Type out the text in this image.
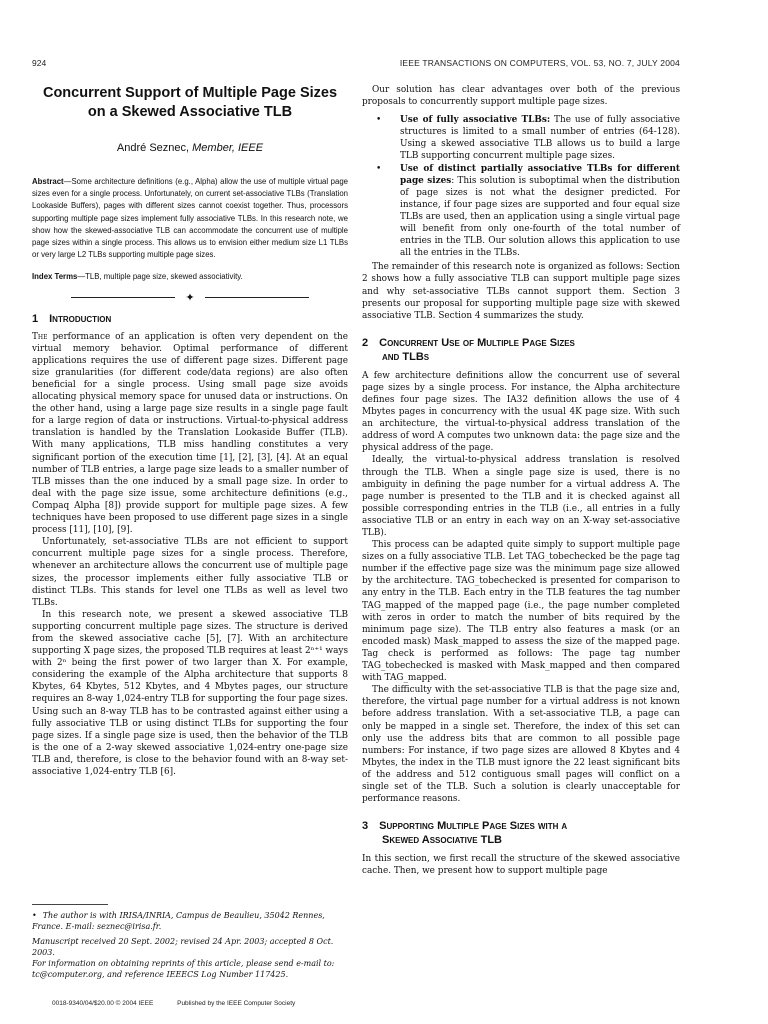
924	IEEE TRANSACTIONS ON COMPUTERS, VOL. 53, NO. 7, JULY 2004
Concurrent Support of Multiple Page Sizes
on a Skewed Associative TLB
André Seznec, Member, IEEE

Abstract—Some architecture definitions (e.g., Alpha) allow the use of multiple virtual page sizes even for a single process. Unfortunately, on current set-associative TLBs (Translation Lookaside Buffers), pages with different sizes cannot coexist together. Thus, processors supporting multiple page sizes implement fully associative TLBs. In this research note, we show how the skewed-associative TLB can accommodate the concurrent use of multiple page sizes within a single process. This allows us to envision either medium size L1 TLBs or very large L2 TLBs supporting multiple page sizes.

Index Terms—TLB, multiple page size, skewed associativity.

✦
1 Introduction

The performance of an application is often very dependent on the virtual memory behavior. Optimal performance of different applications requires the use of different page sizes. Different page size granularities (for different code/data regions) are also often beneficial for a single process. Using small page size avoids allocating physical memory space for unused data or instructions. On the other hand, using a large page size results in a single page fault for a large region of data or instructions. Virtual-to-physical address translation is handled by the Translation Lookaside Buffer (TLB). With many applications, TLB miss handling constitutes a very significant portion of the execution time [1], [2], [3], [4]. At an equal number of TLB entries, a large page size leads to a smaller number of TLB misses than the one induced by a small page size. In order to deal with the page size issue, some architecture definitions (e.g., Compaq Alpha [8]) provide support for multiple page sizes. A few techniques have been proposed to use different page sizes in a single process [11], [10], [9].

Unfortunately, set-associative TLBs are not efficient to support concurrent multiple page sizes for a single process. Therefore, whenever an architecture allows the concurrent use of multiple page sizes, the processor implements either fully associative TLB or distinct TLBs. This stands for level one TLBs as well as level two TLBs.

In this research note, we present a skewed associative TLB supporting concurrent multiple page sizes. The structure is derived from the skewed associative cache [5], [7]. With an architecture supporting X page sizes, the proposed TLB requires at least 2ⁿ⁺¹ ways with 2ⁿ being the first power of two larger than X. For example, considering the example of the Alpha architecture that supports 8 Kbytes, 64 Kbytes, 512 Kbytes, and 4 Mbytes pages, our structure requires an 8-way 1,024-entry TLB for supporting the four page sizes. Using such an 8-way TLB has to be contrasted against either using a fully associative TLB or using distinct TLBs for supporting the four page sizes. If a single page size is used, then the behavior of the TLB is the one of a 2-way skewed associative 1,024-entry one-page size TLB and, therefore, is close to the behavior found with an 8-way set-associative 1,024-entry TLB [6].

• The author is with IRISA/INRIA, Campus de Beaulieu, 35042 Rennes, France. E-mail: seznec@irisa.fr.

Manuscript received 20 Sept. 2002; revised 24 Apr. 2003; accepted 8 Oct. 2003.

For information on obtaining reprints of this article, please send e-mail to: tc@computer.org, and reference IEEECS Log Number 117425.

0018-9340/04/$20.00 © 2004 IEEE	Published by the IEEE Computer Society

Our solution has clear advantages over both of the previous proposals to concurrently support multiple page sizes.

• Use of fully associative TLBs: The use of fully associative structures is limited to a small number of entries (64-128). Using a skewed associative TLB allows us to build a large TLB supporting concurrent multiple page sizes.
• Use of distinct partially associative TLBs for different page sizes: This solution is suboptimal when the distribution of page sizes is not what the designer predicted. For instance, if four page sizes are supported and four equal size TLBs are used, then an application using a single virtual page will benefit from only one-fourth of the total number of entries in the TLB. Our solution allows this application to use all the entries in the TLBs.

The remainder of this research note is organized as follows: Section 2 shows how a fully associative TLB can support multiple page sizes and why set-associative TLBs cannot support them. Section 3 presents our proposal for supporting multiple page size with skewed associative TLB. Section 4 summarizes the study.

2 Concurrent Use of Multiple Page Sizes
and TLBs

A few architecture definitions allow the concurrent use of several page sizes by a single process. For instance, the Alpha architecture defines four page sizes. The IA32 definition allows the use of 4 Mbytes pages in concurrency with the usual 4K page size. With such an architecture, the virtual-to-physical address translation of the address of word A computes two unknown data: the page size and the physical address of the page.

Ideally, the virtual-to-physical address translation is resolved through the TLB. When a single page size is used, there is no ambiguity in defining the page number for a virtual address A. The page number is presented to the TLB and it is checked against all possible corresponding entries in the TLB (i.e., all entries in a fully associative TLB or an entry in each way on an X-way set-associative TLB).

This process can be adapted quite simply to support multiple page sizes on a fully associative TLB. Let TAG_tobechecked be the page tag number if the effective page size was the minimum page size allowed by the architecture. TAG_tobechecked is presented for comparison to any entry in the TLB. Each entry in the TLB features the tag number TAG_mapped of the mapped page (i.e., the page number completed with zeros in order to match the number of bits required by the minimum page size). The TLB entry also features a mask (or an encoded mask) Mask_mapped to assess the size of the mapped page. Tag check is performed as follows: The page tag number TAG_tobechecked is masked with Mask_mapped and then compared with TAG_mapped.

The difficulty with the set-associative TLB is that the page size and, therefore, the virtual page number for a virtual address is not known before address translation. With a set-associative TLB, a page can only be mapped in a single set. Therefore, the index of this set can only use the address bits that are common to all possible page numbers: For instance, if two page sizes are allowed 8 Kbytes and 4 Mbytes, the index in the TLB must ignore the 22 least significant bits of the address and 512 contiguous small pages will conflict on a single set of the TLB. Such a solution is clearly unacceptable for performance reasons.

3 Supporting Multiple Page Sizes with a
Skewed Associative TLB

In this section, we first recall the structure of the skewed associative cache. Then, we present how to support multiple page
